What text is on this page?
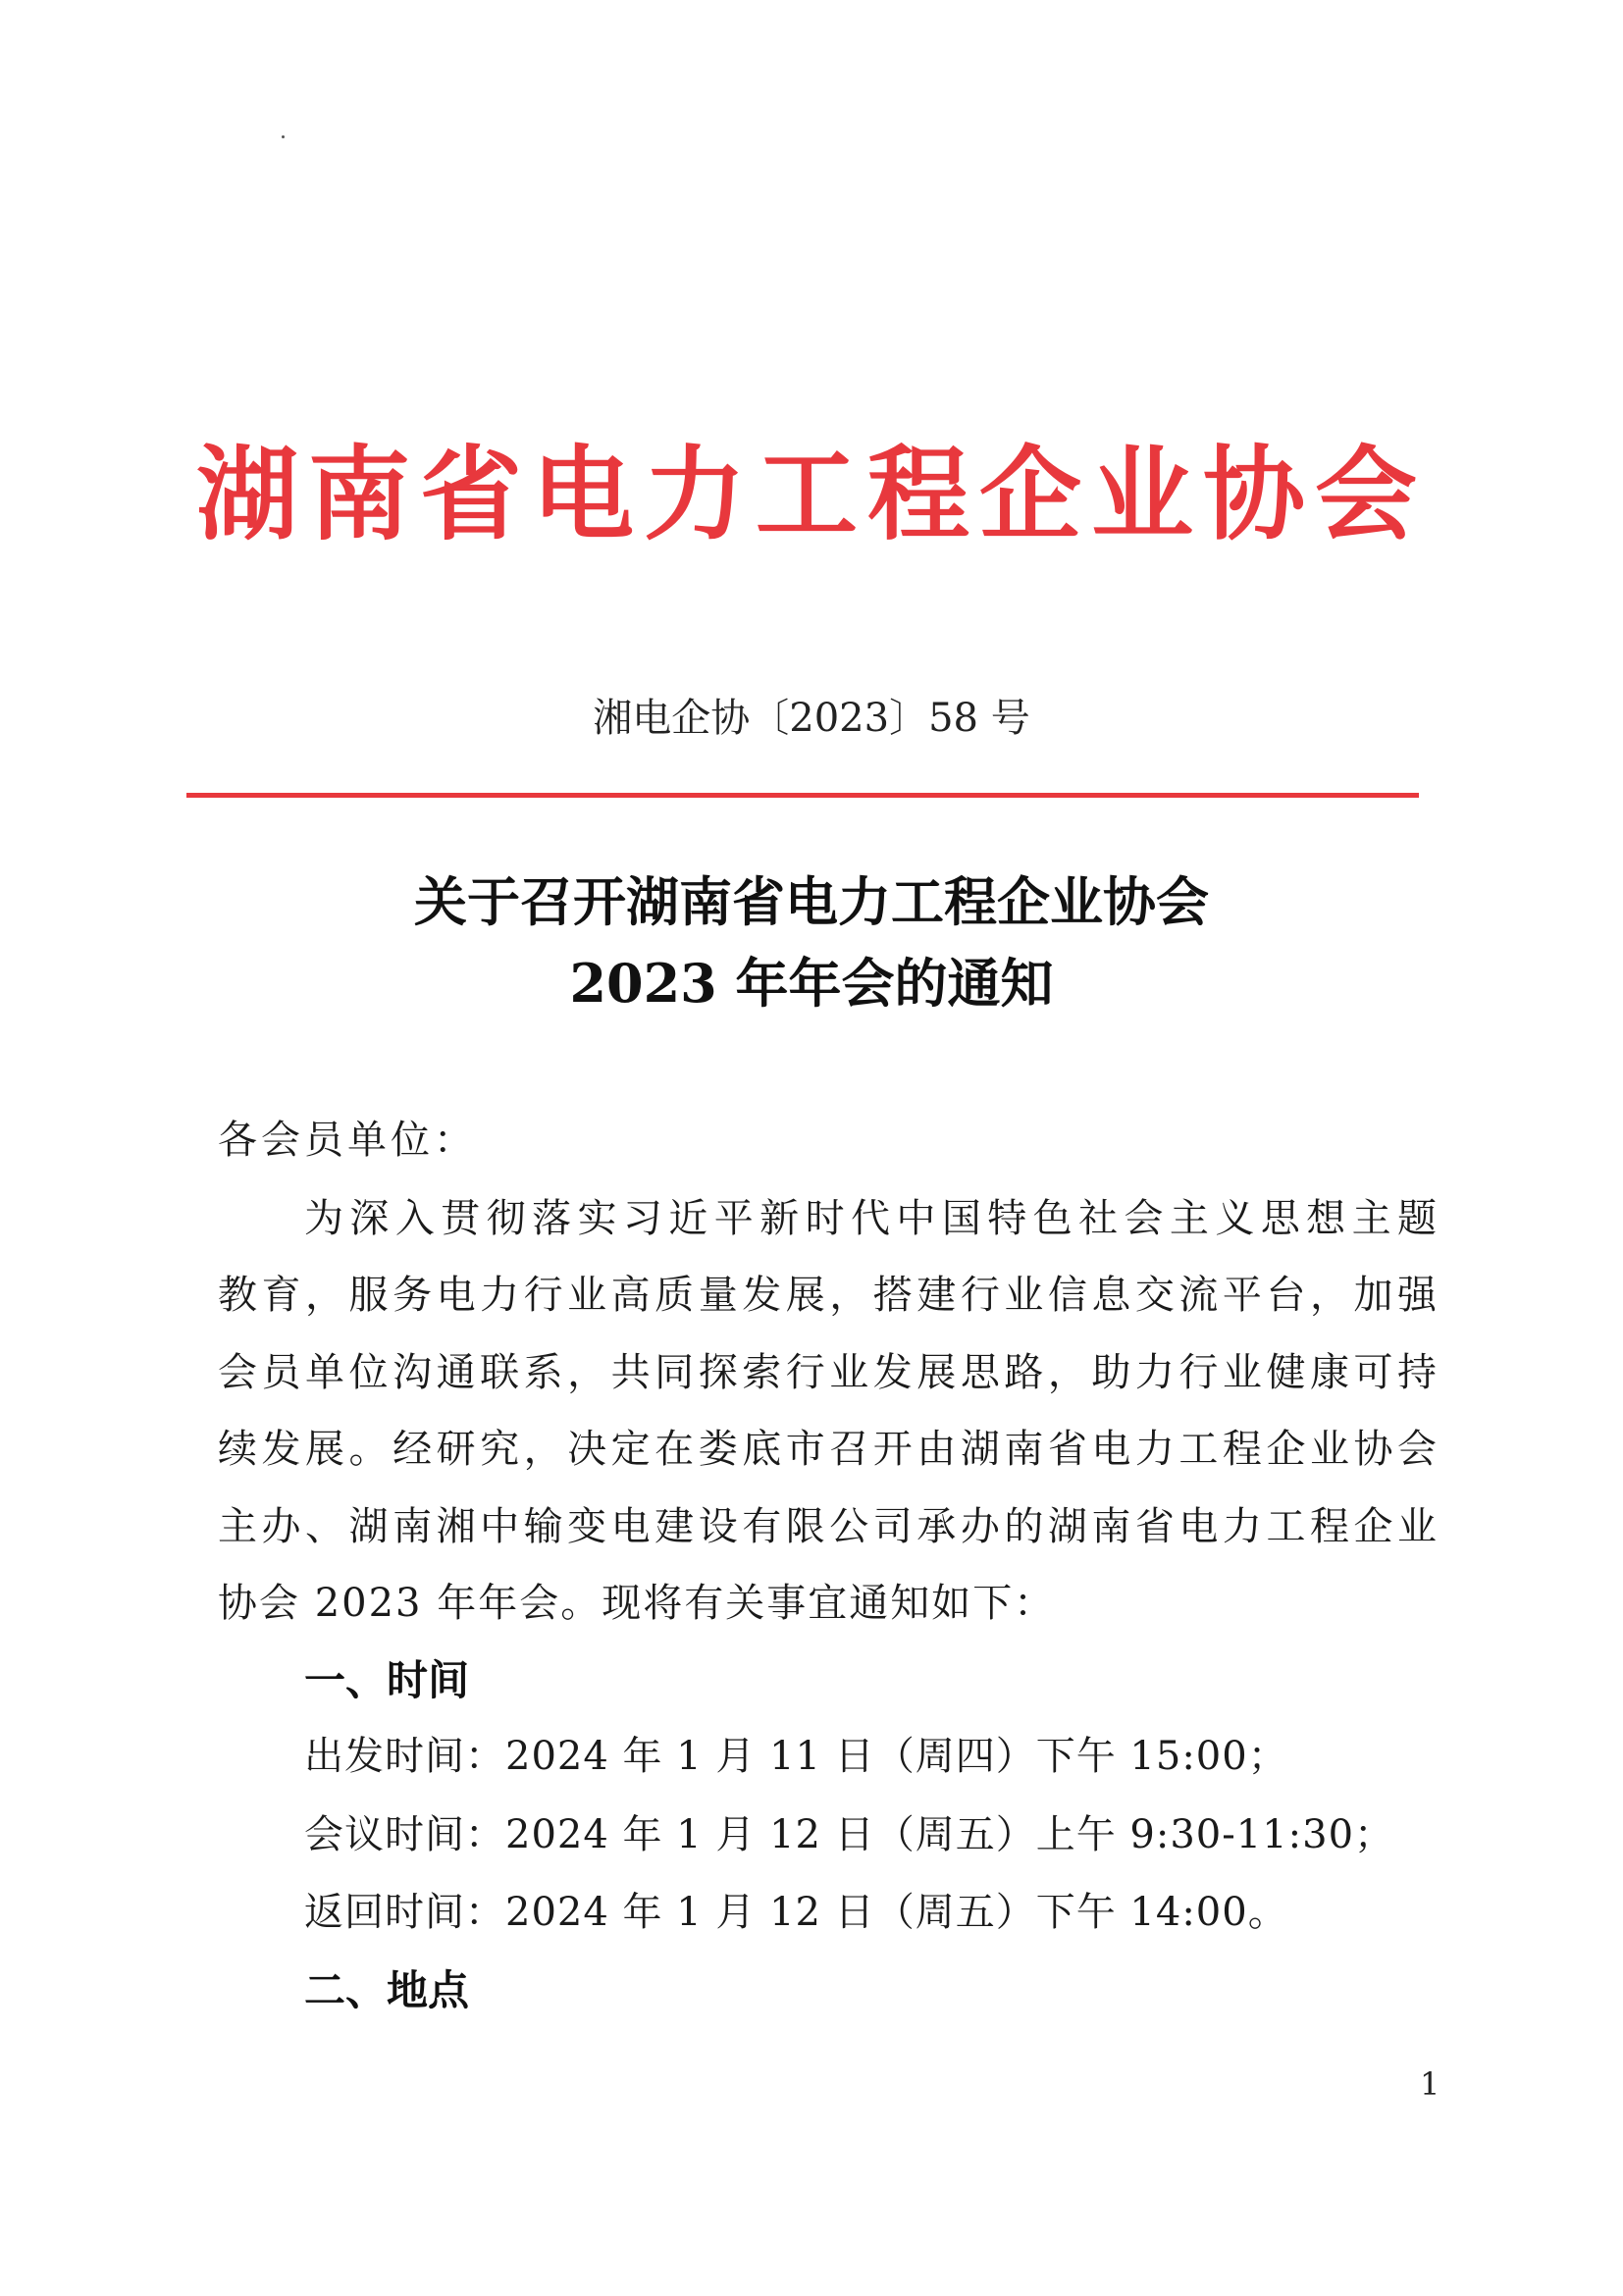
湖南省电力工程企业协会
湘电企协〔2023〕58 号
关于召开湖南省电力工程企业协会
2023 年年会的通知
各会员单位：
为深入贯彻落实习近平新时代中国特色社会主义思想主题
教育，服务电力行业高质量发展，搭建行业信息交流平台，加强
会员单位沟通联系，共同探索行业发展思路，助力行业健康可持
续发展。经研究，决定在娄底市召开由湖南省电力工程企业协会
主办、湖南湘中输变电建设有限公司承办的湖南省电力工程企业
协会 2023 年年会。现将有关事宜通知如下：
一、时间
出发时间：2024 年 1 月 11 日（周四）下午 15:00；
会议时间：2024 年 1 月 12 日（周五）上午 9:30-11:30；
返回时间：2024 年 1 月 12 日（周五）下午 14:00。
二、地点
1
